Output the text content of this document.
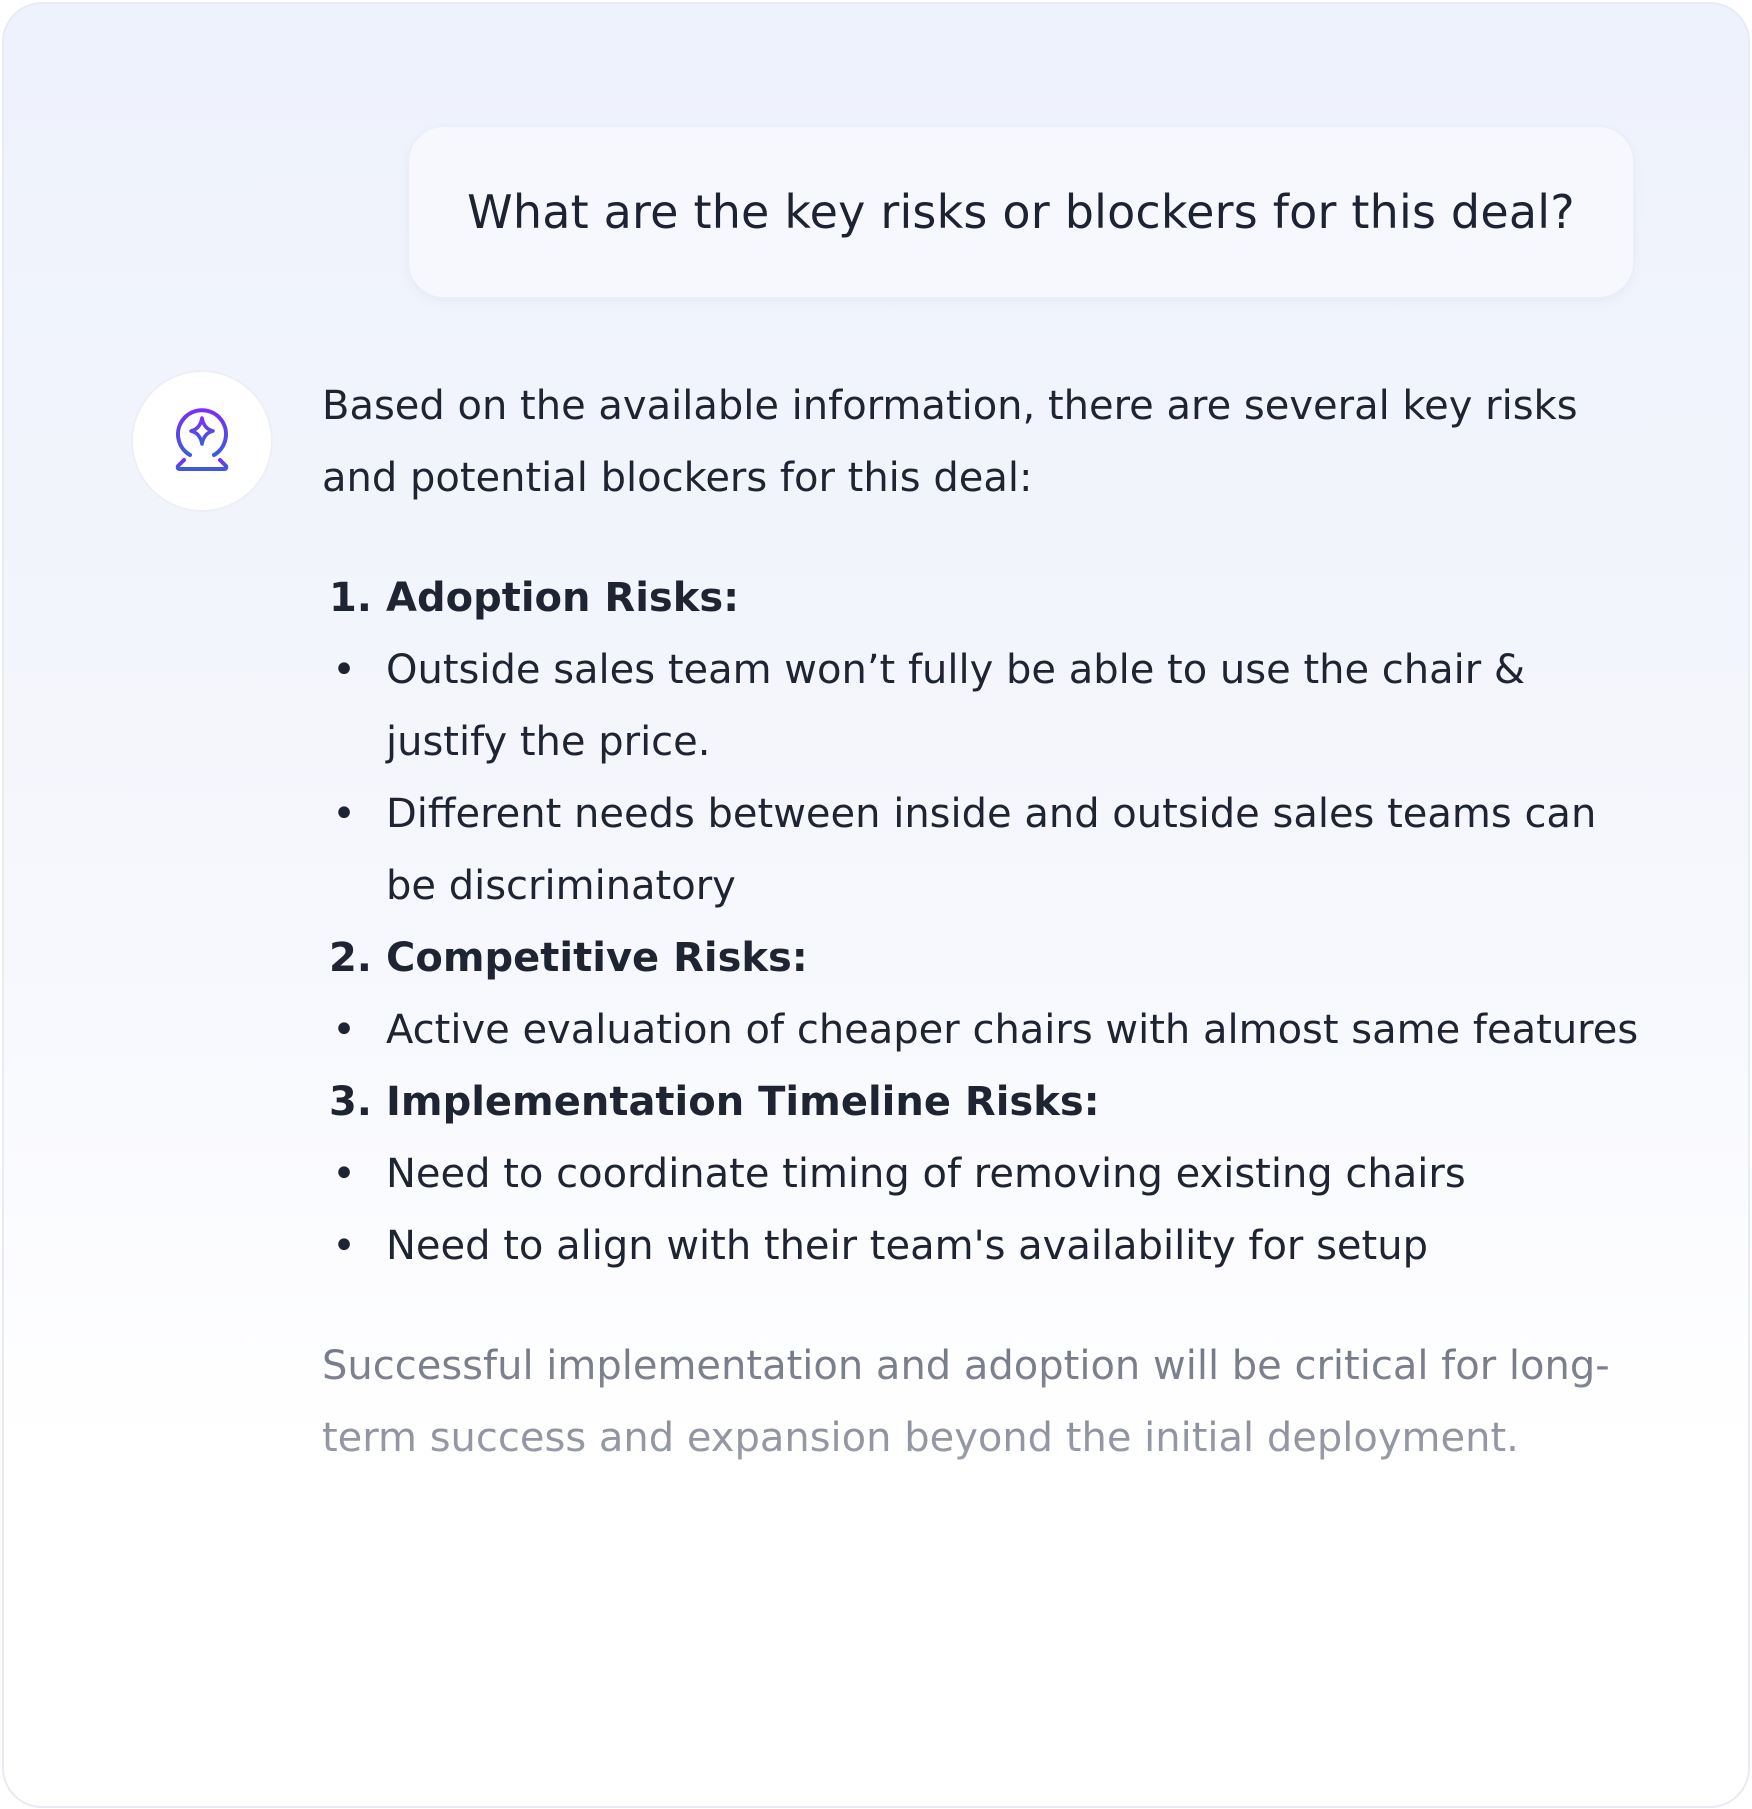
What are the key risks or blockers for this deal?

Based on the available information, there are several key risks and potential blockers for this deal:

1. Adoption Risks:
• Outside sales team won’t fully be able to use the chair & justify the price.
• Different needs between inside and outside sales teams can be discriminatory
2. Competitive Risks:
• Active evaluation of cheaper chairs with almost same features
3. Implementation Timeline Risks:
• Need to coordinate timing of removing existing chairs
• Need to align with their team's availability for setup

Successful implementation and adoption will be critical for long-term success and expansion beyond the initial deployment.
